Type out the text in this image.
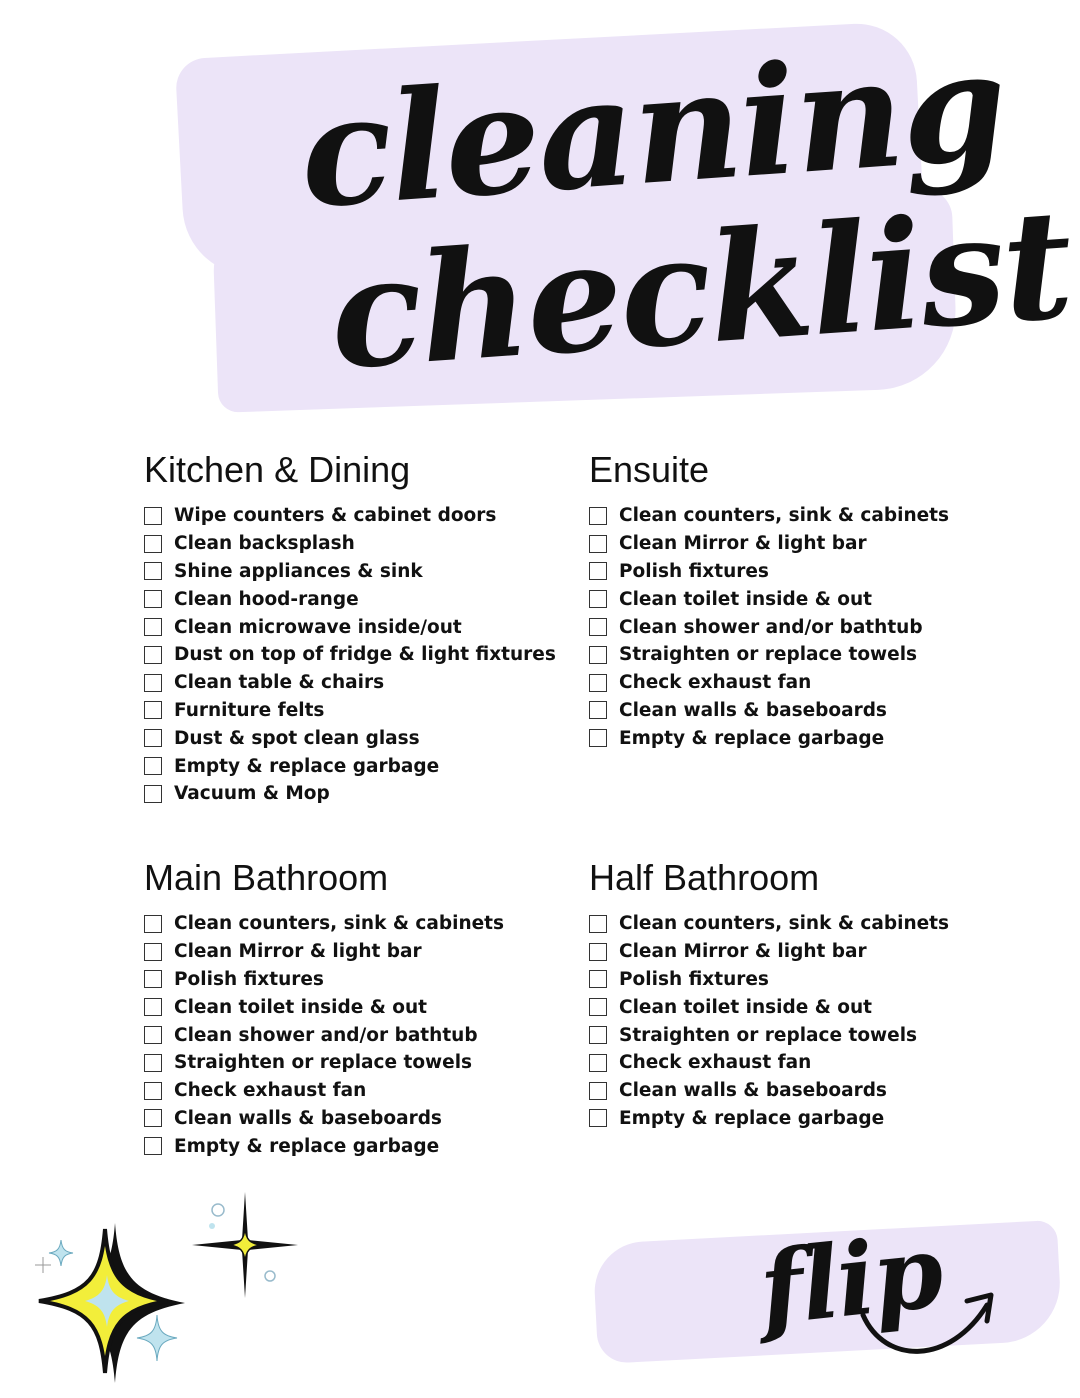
cleaning
checklist
Kitchen & Dining
Wipe counters & cabinet doors
Clean backsplash
Shine appliances & sink
Clean hood-range
Clean microwave inside/out
Dust on top of fridge & light fixtures
Clean table & chairs
Furniture felts
Dust & spot clean glass
Empty & replace garbage
Vacuum & Mop
Ensuite
Clean counters, sink & cabinets
Clean Mirror & light bar
Polish fixtures
Clean toilet inside & out
Clean shower and/or bathtub
Straighten or replace towels
Check exhaust fan
Clean walls & baseboards
Empty & replace garbage
Main Bathroom
Clean counters, sink & cabinets
Clean Mirror & light bar
Polish fixtures
Clean toilet inside & out
Clean shower and/or bathtub
Straighten or replace towels
Check exhaust fan
Clean walls & baseboards
Empty & replace garbage
Half Bathroom
Clean counters, sink & cabinets
Clean Mirror & light bar
Polish fixtures
Clean toilet inside & out
Straighten or replace towels
Check exhaust fan
Clean walls & baseboards
Empty & replace garbage
flip
